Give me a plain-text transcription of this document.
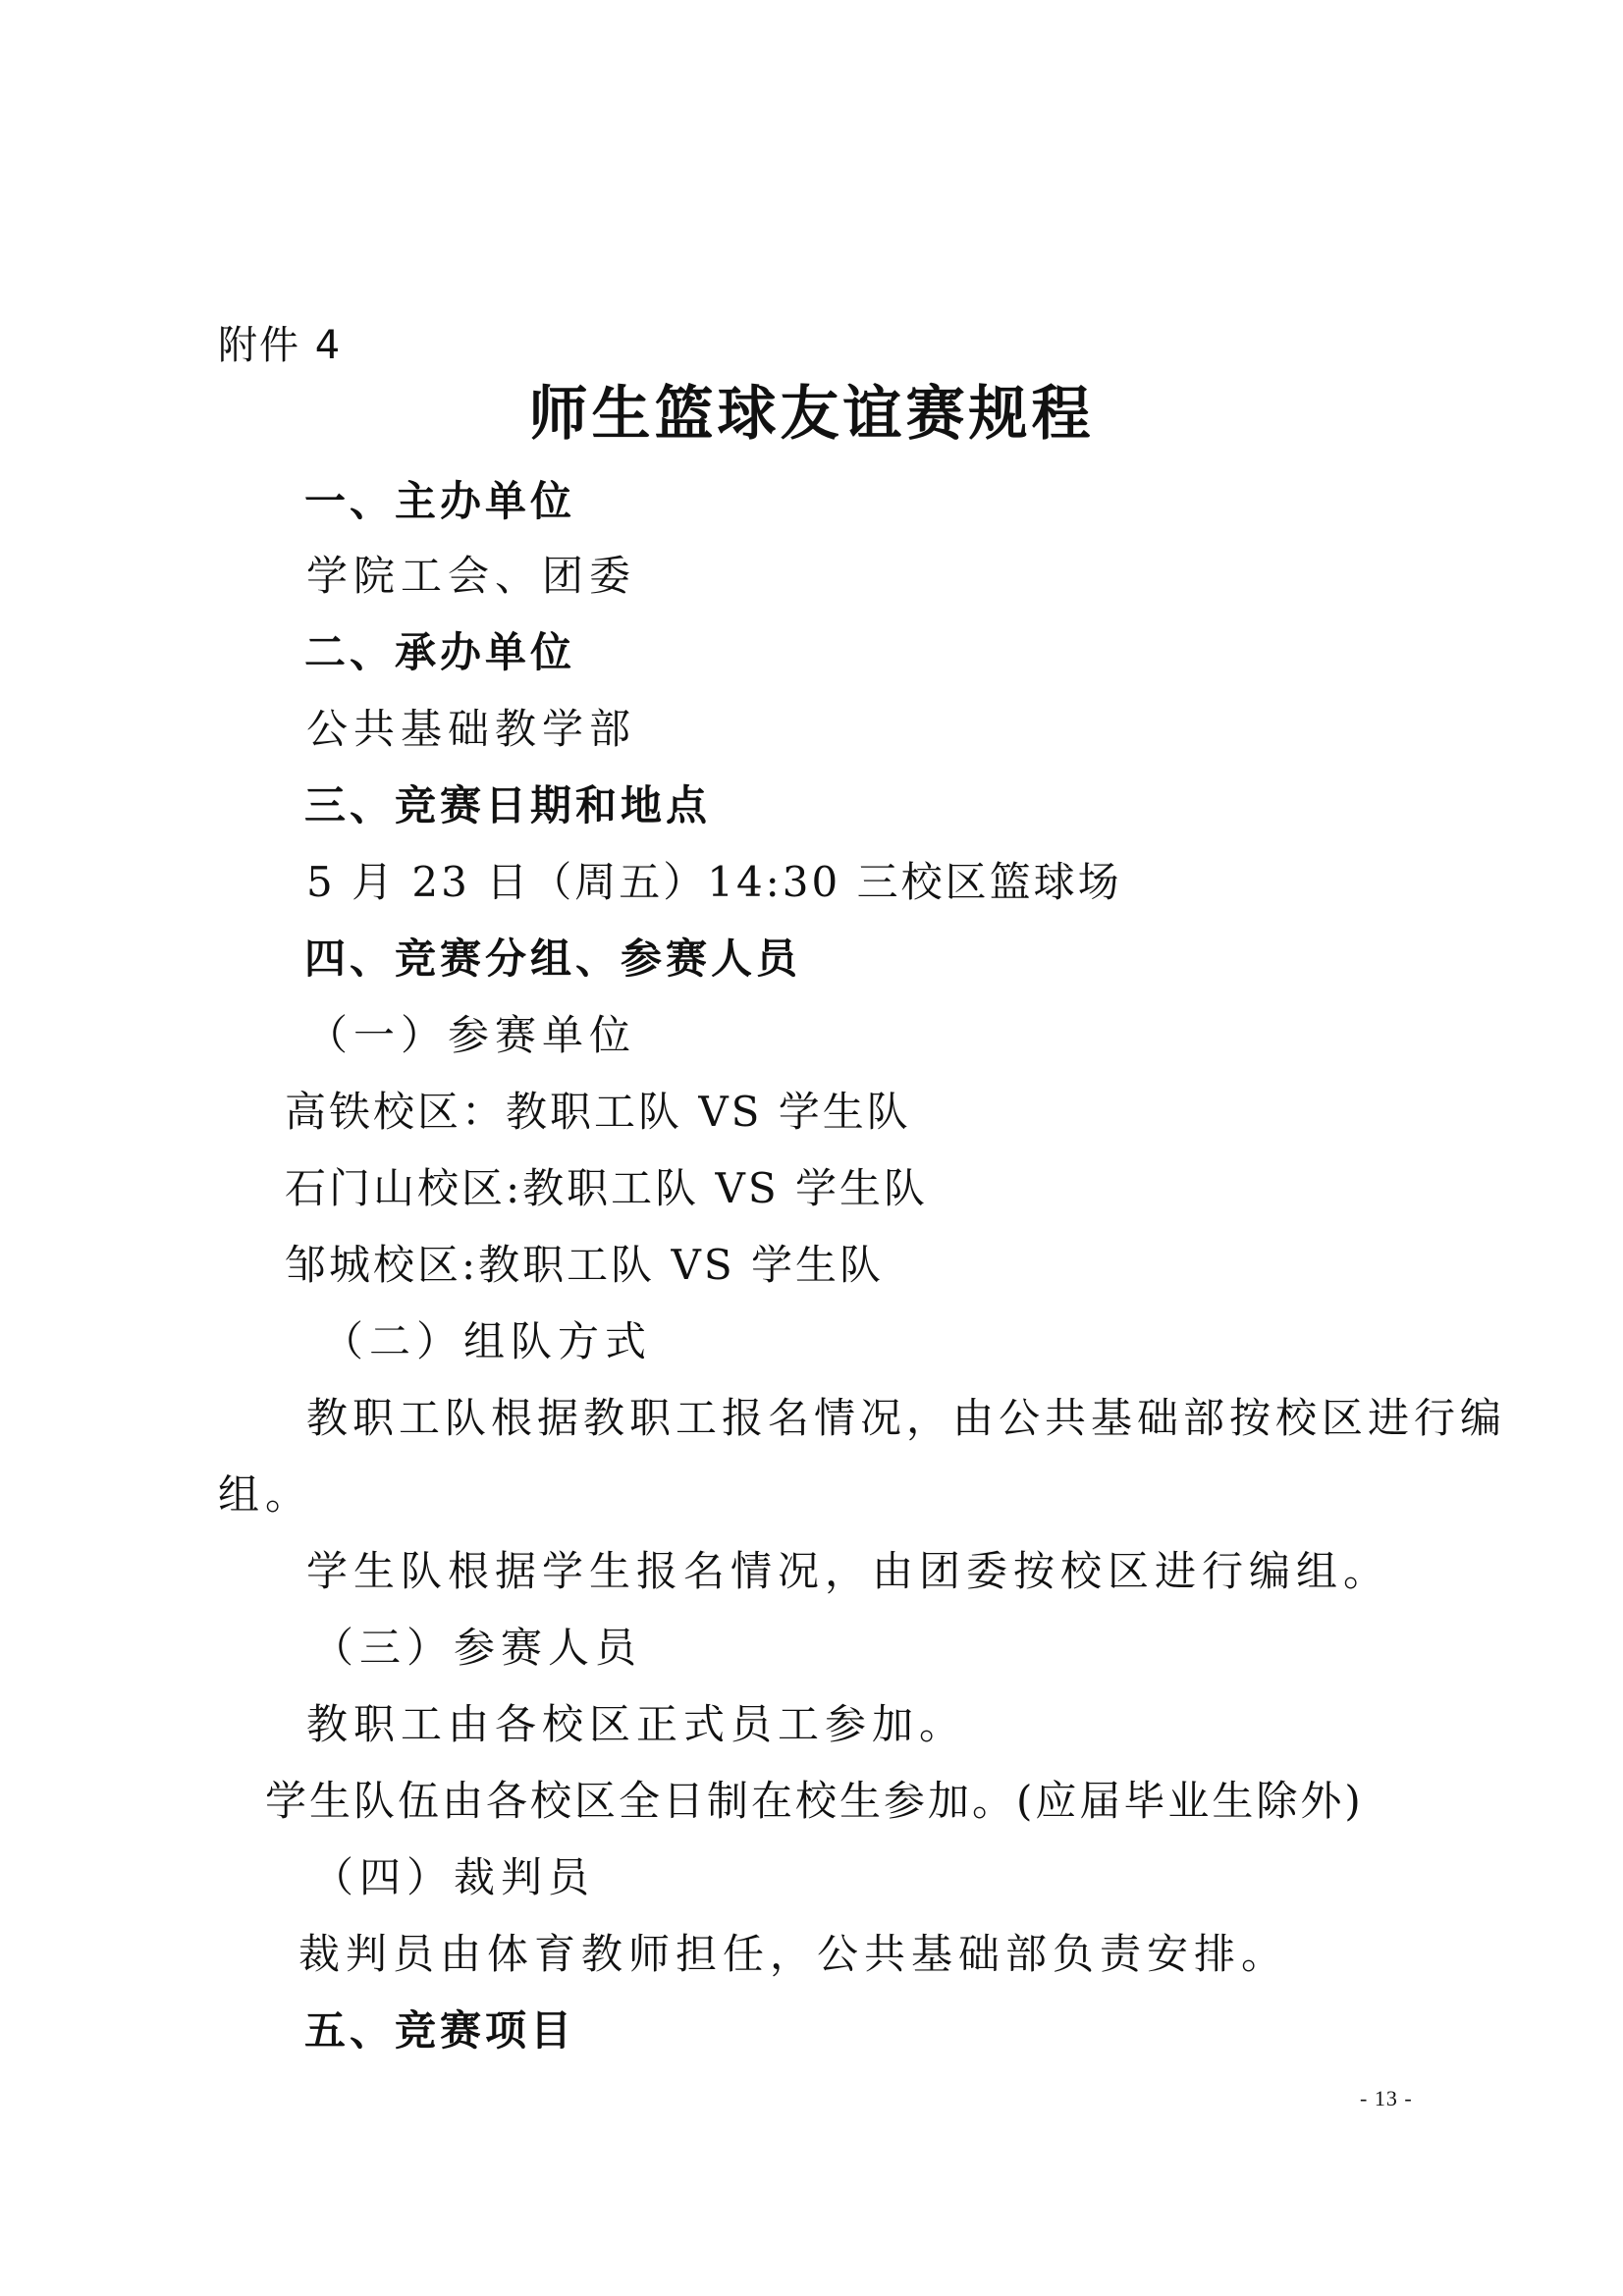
附件 4
师生篮球友谊赛规程
一、主办单位
学院工会、团委
二、承办单位
公共基础教学部
三、竞赛日期和地点
5 月 23 日（周五）14:30 三校区篮球场
四、竞赛分组、参赛人员
（一）参赛单位
高铁校区：教职工队 VS 学生队
石门山校区:教职工队 VS 学生队
邹城校区:教职工队 VS 学生队
（二）组队方式
教职工队根据教职工报名情况，由公共基础部按校区进行编
组。
学生队根据学生报名情况，由团委按校区进行编组。
（三）参赛人员
教职工由各校区正式员工参加。
学生队伍由各校区全日制在校生参加。(应届毕业生除外)
（四）裁判员
裁判员由体育教师担任，公共基础部负责安排。
五、竞赛项目
- 13 -
